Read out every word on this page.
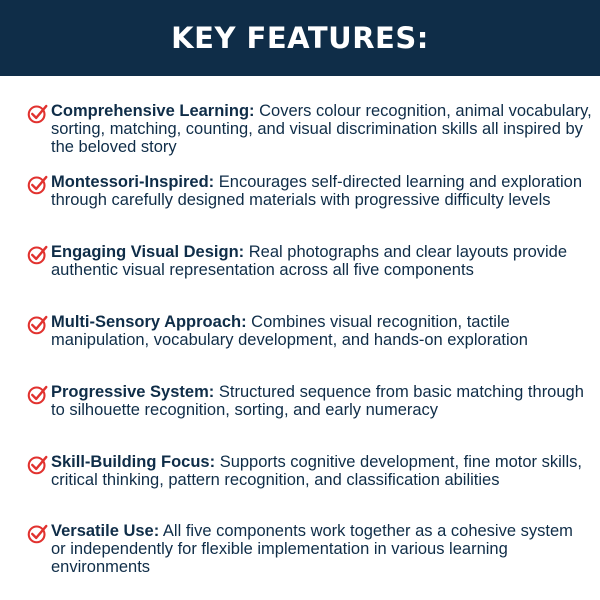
KEY FEATURES:
Comprehensive Learning: Covers colour recognition, animal vocabulary, sorting, matching, counting, and visual discrimination skills all inspired by the beloved story
Montessori-Inspired: Encourages self-directed learning and exploration through carefully designed materials with progressive difficulty levels
Engaging Visual Design: Real photographs and clear layouts provide authentic visual representation across all five components
Multi-Sensory Approach: Combines visual recognition, tactile manipulation, vocabulary development, and hands-on exploration
Progressive System: Structured sequence from basic matching through to silhouette recognition, sorting, and early numeracy
Skill-Building Focus: Supports cognitive development, fine motor skills, critical thinking, pattern recognition, and classification abilities
Versatile Use: All five components work together as a cohesive system or independently for flexible implementation in various learning environments
